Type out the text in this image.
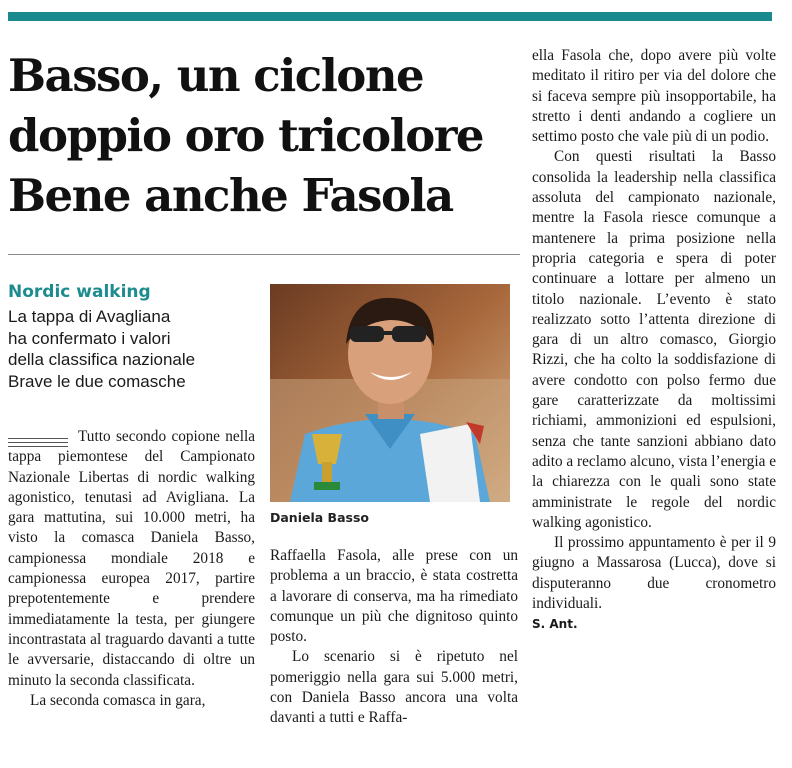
Basso, un ciclone
doppio oro tricolore
Bene anche Fasola
Nordic walking
La tappa di Avagliana
ha confermato i valori
della classifica nazionale
Brave le due comasche

Tutto secondo copione nella tappa piemontese del Campionato Nazionale Libertas di nordic walking agonistico, tenutasi ad Avigliana. La gara mattutina, sui 10.000 metri, ha visto la comasca Daniela Basso, campionessa mondiale 2018 e campionessa europea 2017, partire prepotentemente e prendere immediatamente la testa, per giungere incontrastata al traguardo davanti a tutte le avversarie, distaccando di oltre un minuto la seconda classificata.

La seconda comasca in gara,

Daniela Basso

Raffaella Fasola, alle prese con un problema a un braccio, è stata costretta a lavorare di conserva, ma ha rimediato comunque un più che dignitoso quinto posto.

Lo scenario si è ripetuto nel pomeriggio nella gara sui 5.000 metri, con Daniela Basso ancora una volta davanti a tutti e Raffa-

ella Fasola che, dopo avere più volte meditato il ritiro per via del dolore che si faceva sempre più insopportabile, ha stretto i denti andando a cogliere un settimo posto che vale più di un podio.

Con questi risultati la Basso consolida la leadership nella classifica assoluta del campionato nazionale, mentre la Fasola riesce comunque a mantenere la prima posizione nella propria categoria e spera di poter continuare a lottare per almeno un titolo nazionale. L’evento è stato realizzato sotto l’attenta direzione di gara di un altro comasco, Giorgio Rizzi, che ha colto la soddisfazione di avere condotto con polso fermo due gare caratterizzate da moltissimi richiami, ammonizioni ed espulsioni, senza che tante sanzioni abbiano dato adito a reclamo alcuno, vista l’energia e la chiarezza con le quali sono state amministrate le regole del nordic walking agonistico.

Il prossimo appuntamento è per il 9 giugno a Massarosa (Lucca), dove si disputeranno due cronometro individuali.

S. Ant.
